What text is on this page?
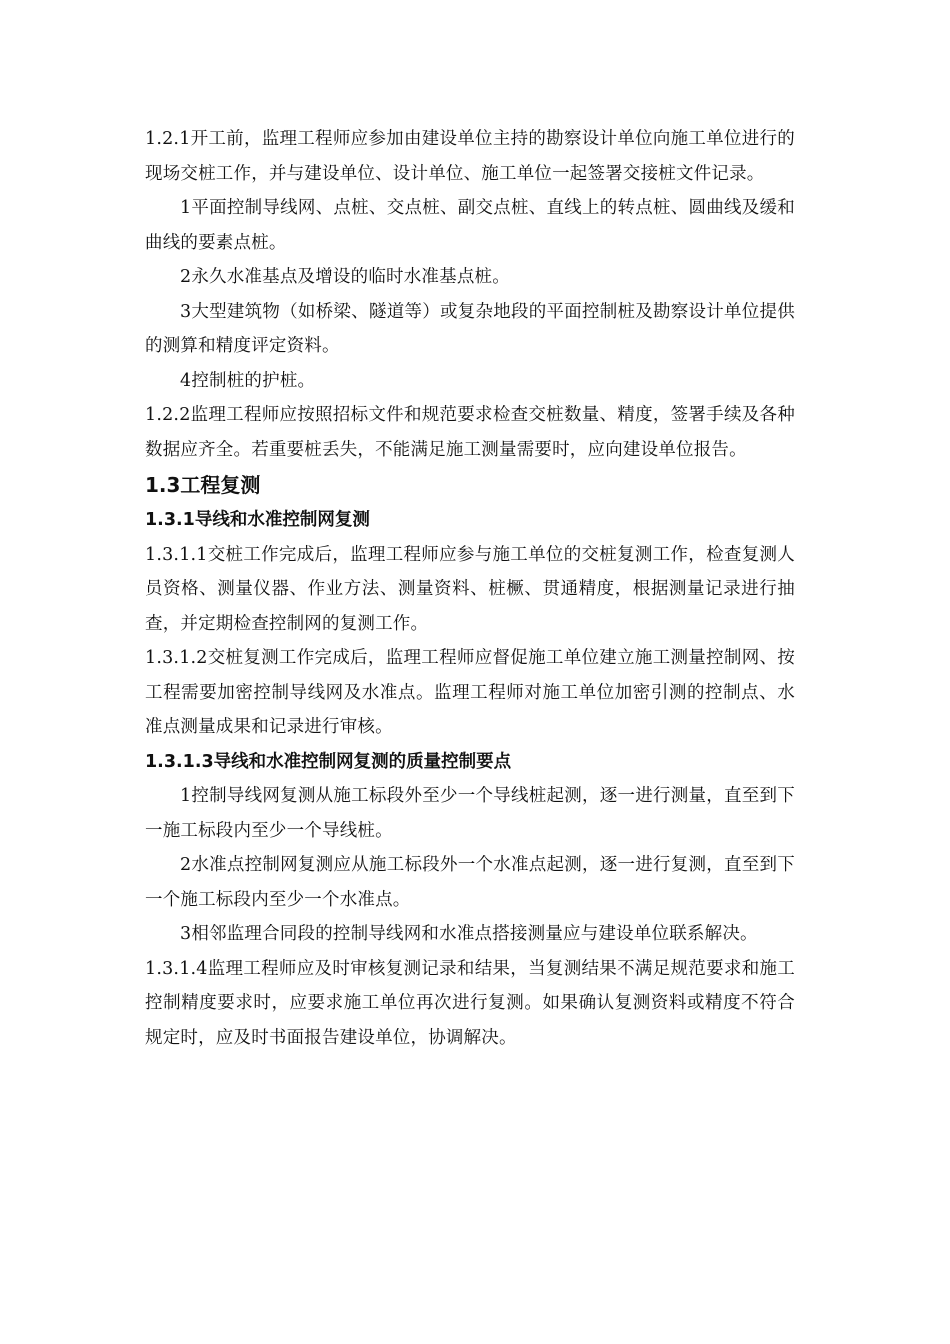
1.2.1开工前，监理工程师应参加由建设单位主持的勘察设计单位向施工单位进行的现场交桩工作，并与建设单位、设计单位、施工单位一起签署交接桩文件记录。

1平面控制导线网、点桩、交点桩、副交点桩、直线上的转点桩、圆曲线及缓和曲线的要素点桩。

2永久水准基点及增设的临时水准基点桩。

3大型建筑物（如桥梁、隧道等）或复杂地段的平面控制桩及勘察设计单位提供的测算和精度评定资料。

4控制桩的护桩。

1.2.2监理工程师应按照招标文件和规范要求检查交桩数量、精度，签署手续及各种数据应齐全。若重要桩丢失，不能满足施工测量需要时，应向建设单位报告。

1.3工程复测
1.3.1导线和水准控制网复测

1.3.1.1交桩工作完成后，监理工程师应参与施工单位的交桩复测工作，检查复测人员资格、测量仪器、作业方法、测量资料、桩橛、贯通精度，根据测量记录进行抽查，并定期检查控制网的复测工作。

1.3.1.2交桩复测工作完成后，监理工程师应督促施工单位建立施工测量控制网、按工程需要加密控制导线网及水准点。监理工程师对施工单位加密引测的控制点、水准点测量成果和记录进行审核。

1.3.1.3导线和水准控制网复测的质量控制要点

1控制导线网复测从施工标段外至少一个导线桩起测，逐一进行测量，直至到下一施工标段内至少一个导线桩。

2水准点控制网复测应从施工标段外一个水准点起测，逐一进行复测，直至到下一个施工标段内至少一个水准点。

3相邻监理合同段的控制导线网和水准点搭接测量应与建设单位联系解决。

1.3.1.4监理工程师应及时审核复测记录和结果，当复测结果不满足规范要求和施工控制精度要求时，应要求施工单位再次进行复测。如果确认复测资料或精度不符合规定时，应及时书面报告建设单位，协调解决。
